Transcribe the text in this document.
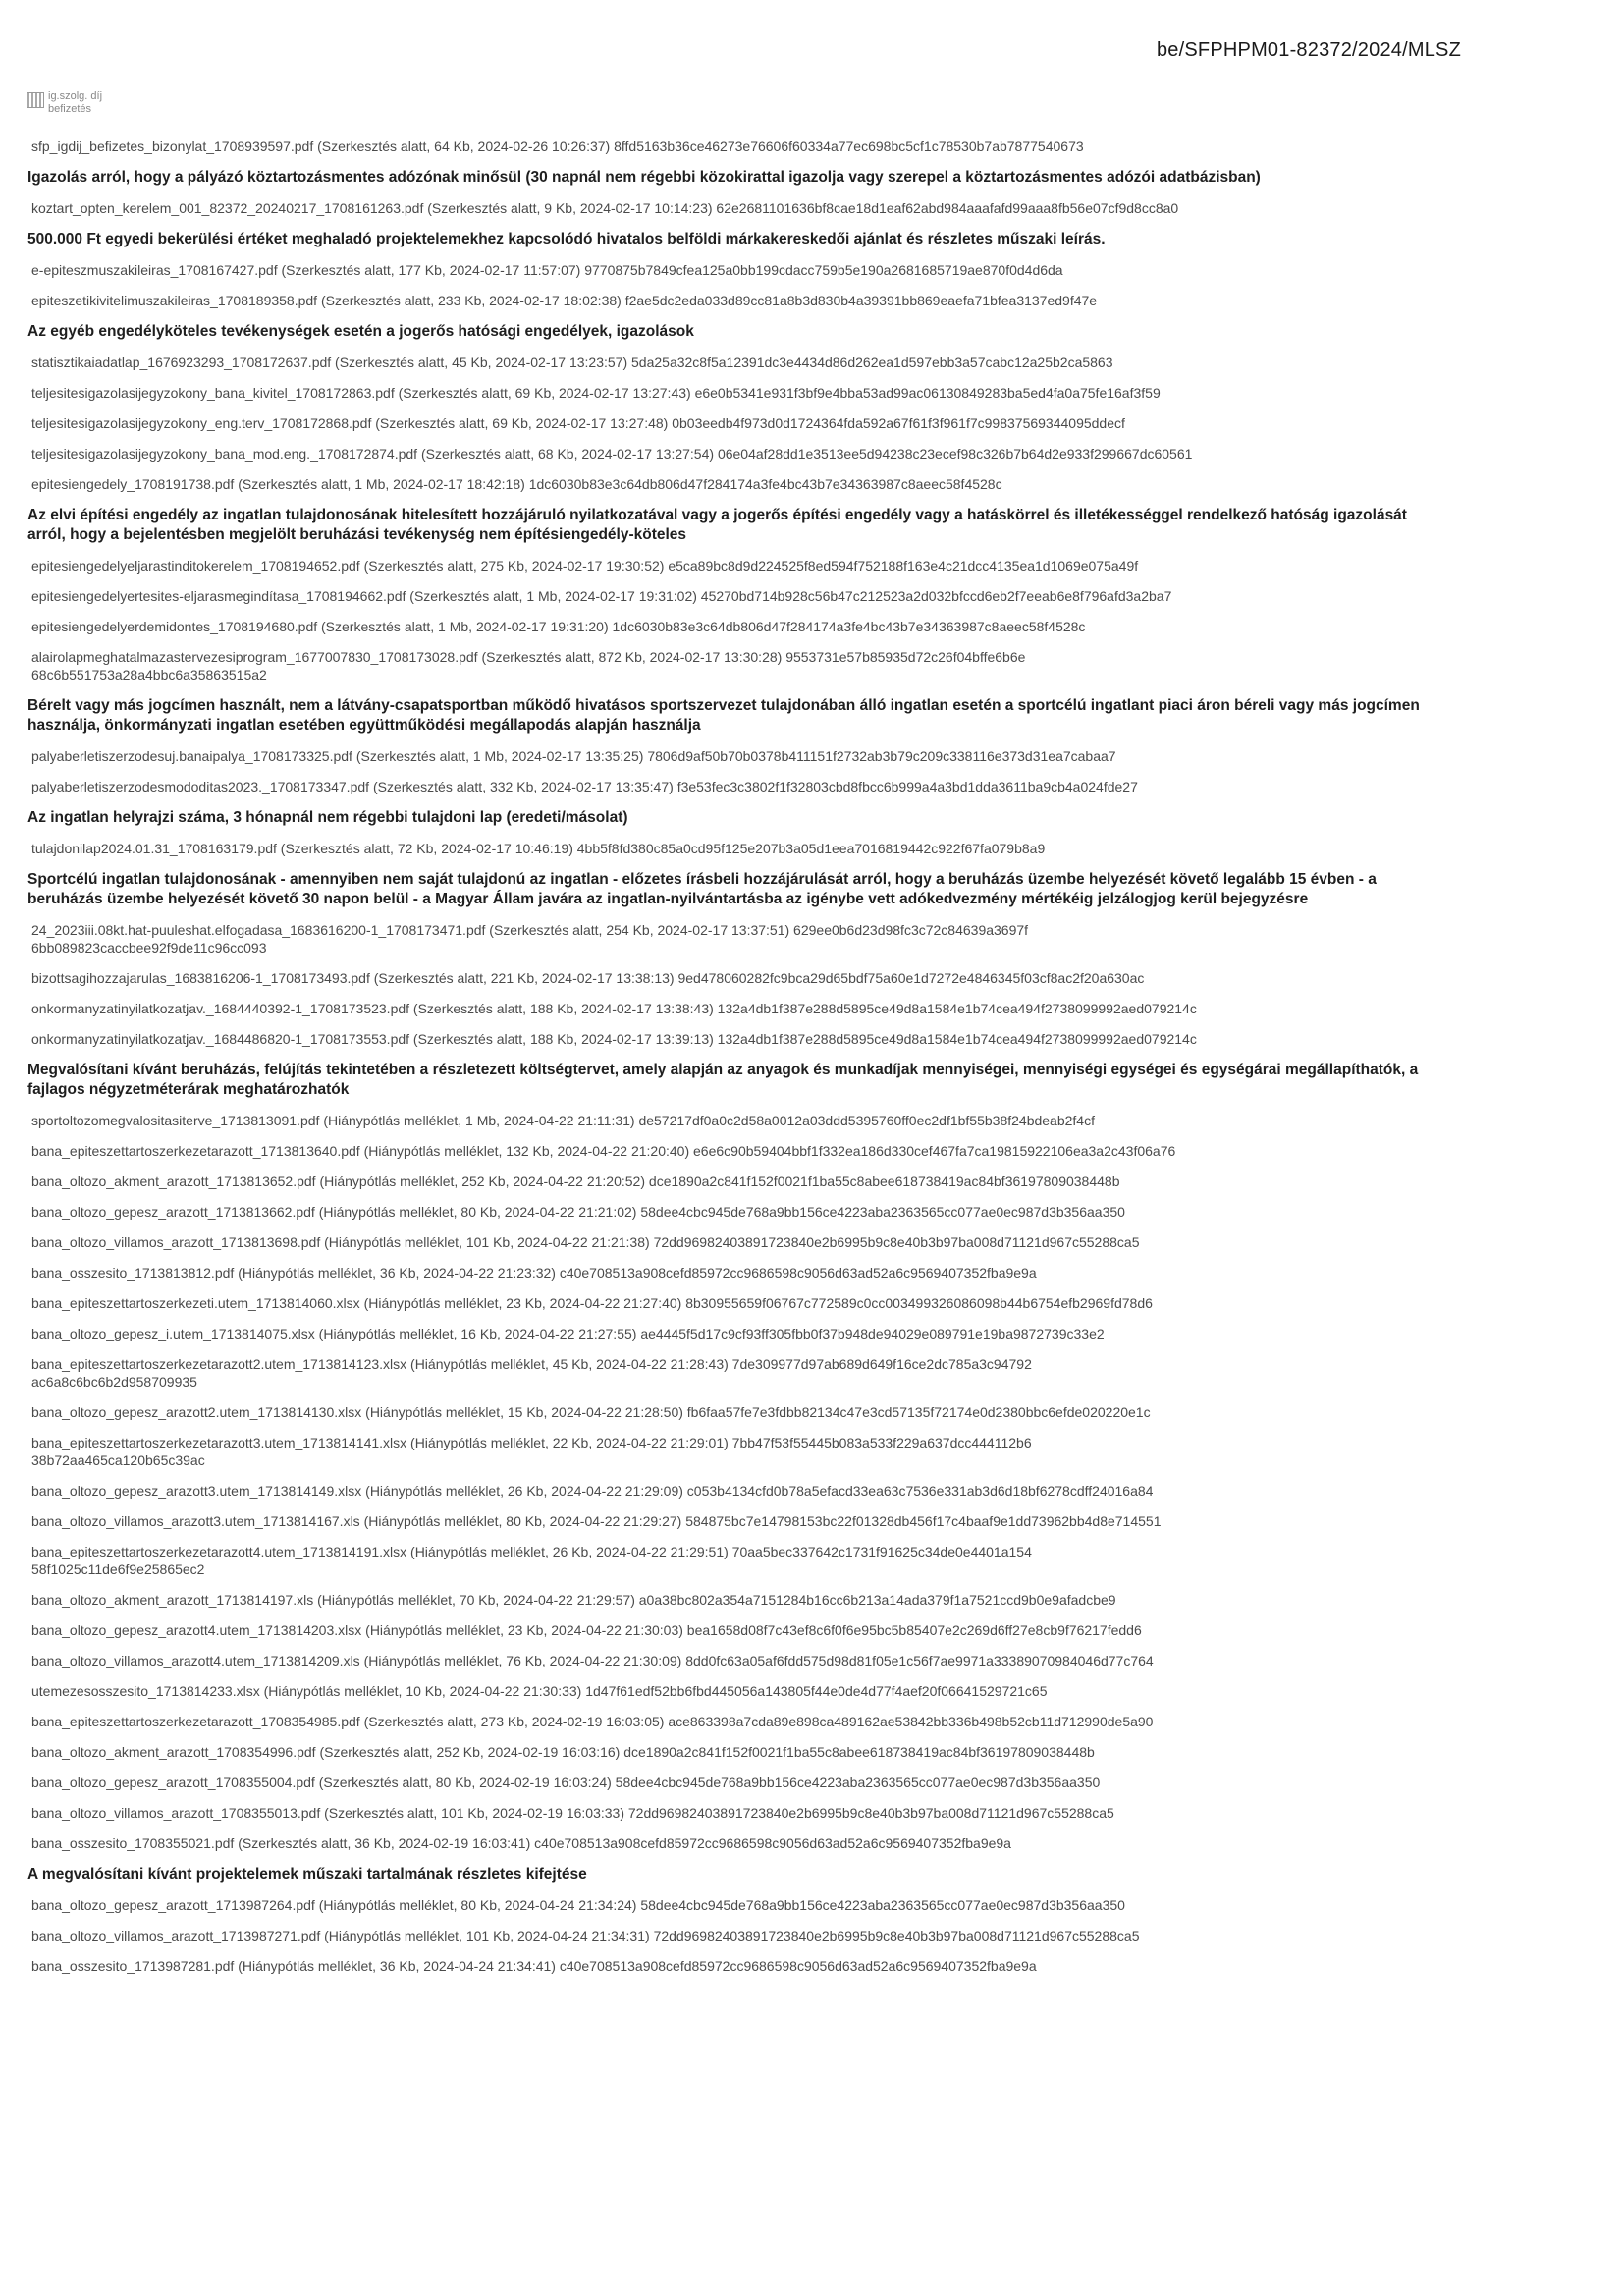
be/SFPHPM01-82372/2024/MLSZ
ig.szolg. díj befizetés
sfp_igdij_befizetes_bizonylat_1708939597.pdf (Szerkesztés alatt, 64 Kb, 2024-02-26 10:26:37) 8ffd5163b36ce46273e76606f60334a77ec698bc5cf1c78530b7ab7877540673
Igazolás arról, hogy a pályázó köztartozásmentes adózónak minősül (30 napnál nem régebbi közokirattal igazolja vagy szerepel a köztartozásmentes adózói adatbázisban)
koztart_opten_kerelem_001_82372_20240217_1708161263.pdf (Szerkesztés alatt, 9 Kb, 2024-02-17 10:14:23) 62e2681101636bf8cae18d1eaf62abd984aaafafd99aaa8fb56e07cf9d8cc8a0
500.000 Ft egyedi bekerülési értéket meghaladó projektelemekhez kapcsolódó hivatalos belföldi márkakereskedői ajánlat és részletes műszaki leírás.
e-epiteszmuszakileiras_1708167427.pdf (Szerkesztés alatt, 177 Kb, 2024-02-17 11:57:07) 9770875b7849cfea125a0bb199cdacc759b5e190a2681685719ae870f0d4d6da
epiteszetikivitelimuszakileiras_1708189358.pdf (Szerkesztés alatt, 233 Kb, 2024-02-17 18:02:38) f2ae5dc2eda033d89cc81a8b3d830b4a39391bb869eaefa71bfea3137ed9f47e
Az egyéb engedélyköteles tevékenységek esetén a jogerős hatósági engedélyek, igazolások
statisztikaiadatlap_1676923293_1708172637.pdf (Szerkesztés alatt, 45 Kb, 2024-02-17 13:23:57) 5da25a32c8f5a12391dc3e4434d86d262ea1d597ebb3a57cabc12a25b2ca5863
teljesitesigazolasijegyzokony_bana_kivitel_1708172863.pdf (Szerkesztés alatt, 69 Kb, 2024-02-17 13:27:43) e6e0b5341e931f3bf9e4bba53ad99ac06130849283ba5ed4fa0a75fe16af3f59
teljesitesigazolasijegyzokony_eng.terv_1708172868.pdf (Szerkesztés alatt, 69 Kb, 2024-02-17 13:27:48) 0b03eedb4f973d0d1724364fda592a67f61f3f961f7c99837569344095ddecf
teljesitesigazolasijegyzokony_bana_mod.eng._1708172874.pdf (Szerkesztés alatt, 68 Kb, 2024-02-17 13:27:54) 06e04af28dd1e3513ee5d94238c23ecef98c326b7b64d2e933f299667dc60561
epitesiengedely_1708191738.pdf (Szerkesztés alatt, 1 Mb, 2024-02-17 18:42:18) 1dc6030b83e3c64db806d47f284174a3fe4bc43b7e34363987c8aeec58f4528c
Az elvi építési engedély az ingatlan tulajdonosának hitelesített hozzájáruló nyilatkozatával vagy a jogerős építési engedély vagy a hatáskörrel és illetékességgel rendelkező hatóság igazolását arról, hogy a bejelentésben megjelölt beruházási tevékenység nem építésiengedély-köteles
epitesiengedelyeljarastinditokerelem_1708194652.pdf (Szerkesztés alatt, 275 Kb, 2024-02-17 19:30:52) e5ca89bc8d9d224525f8ed594f752188f163e4c21dcc4135ea1d1069e075a49f
epitesiengedelyertesites-eljarasmegindítasa_1708194662.pdf (Szerkesztés alatt, 1 Mb, 2024-02-17 19:31:02) 45270bd714b928c56b47c212523a2d032bfccd6eb2f7eeab6e8f796afd3a2ba7
epitesiengedelyerdemidontes_1708194680.pdf (Szerkesztés alatt, 1 Mb, 2024-02-17 19:31:20) 1dc6030b83e3c64db806d47f284174a3fe4bc43b7e34363987c8aeec58f4528c
alairolapmeghatalmazastervezesiprogram_1677007830_1708173028.pdf (Szerkesztés alatt, 872 Kb, 2024-02-17 13:30:28) 9553731e57b85935d72c26f04bffe6b6e68c6b551753a28a4bbc6a35863515a2
Bérelt vagy más jogcímen használt, nem a látvány-csapatsportban működő hivatásos sportszervezet tulajdonában álló ingatlan esetén a sportcélú ingatlant piaci áron béreli vagy más jogcímen használja, önkormányzati ingatlan esetében együttműködési megállapodás alapján használja
palyaberletiszerzodesuj.banaipalya_1708173325.pdf (Szerkesztés alatt, 1 Mb, 2024-02-17 13:35:25) 7806d9af50b70b0378b411151f2732ab3b79c209c338116e373d31ea7cabaa7
palyaberletiszerzodesmododitas2023._1708173347.pdf (Szerkesztés alatt, 332 Kb, 2024-02-17 13:35:47) f3e53fec3c3802f1f32803cbd8fbcc6b999a4a3bd1dda3611ba9cb4a024fde27
Az ingatlan helyrajzi száma, 3 hónapnál nem régebbi tulajdoni lap (eredeti/másolat)
tulajdonilap2024.01.31_1708163179.pdf (Szerkesztés alatt, 72 Kb, 2024-02-17 10:46:19) 4bb5f8fd380c85a0cd95f125e207b3a05d1eea7016819442c922f67fa079b8a9
Sportcélú ingatlan tulajdonosának - amennyiben nem saját tulajdonú az ingatlan - előzetes írásbeli hozzájárulását arról, hogy a beruházás üzembe helyezését követő legalább 15 évben - a beruházás üzembe helyezését követő 30 napon belül - a Magyar Állam javára az ingatlan-nyilvántartásba az igénybe vett adókedvezmény mértékéig jelzálogjog kerül bejegyzésre
24_2023iii.08kt.hat-puuleshat.elfogadasa_1683616200-1_1708173471.pdf (Szerkesztés alatt, 254 Kb, 2024-02-17 13:37:51) 629ee0b6d23d98fc3c72c84639a3697f6bb089823caccbee92f9de11c96cc093
bizottsagihozzajarulas_1683816206-1_1708173493.pdf (Szerkesztés alatt, 221 Kb, 2024-02-17 13:38:13) 9ed478060282fc9bca29d65bdf75a60e1d7272e4846345f03cf8ac2f20a630ac
onkormanyzatinyilatkozatjav._1684440392-1_1708173523.pdf (Szerkesztés alatt, 188 Kb, 2024-02-17 13:38:43) 132a4db1f387e288d5895ce49d8a1584e1b74cea494f2738099992aed079214c
onkormanyzatinyilatkozatjav._1684486820-1_1708173553.pdf (Szerkesztés alatt, 188 Kb, 2024-02-17 13:39:13) 132a4db1f387e288d5895ce49d8a1584e1b74cea494f2738099992aed079214c
Megvalósítani kívánt beruházás, felújítás tekintetében a részletezett költségtervet, amely alapján az anyagok és munkadíjak mennyiségei, mennyiségi egységei és egységárai megállapíthatók, a fajlagos négyzetméterárak meghatározhatók
sportoltozomegvalositasiterve_1713813091.pdf (Hiánypótlás melléklet, 1 Mb, 2024-04-22 21:11:31) de57217df0a0c2d58a0012a03ddd5395760ff0ec2df1bf55b38f24bdeab2f4cf
bana_epiteszettartoszerkezetarazott_1713813640.pdf (Hiánypótlás melléklet, 132 Kb, 2024-04-22 21:20:40) e6e6c90b59404bbf1f332ea186d330cef467fa7ca19815922106ea3a2c43f06a76
bana_oltozo_akment_arazott_1713813652.pdf (Hiánypótlás melléklet, 252 Kb, 2024-04-22 21:20:52) dce1890a2c841f152f0021f1ba55c8abee618738419ac84bf36197809038448b
bana_oltozo_gepesz_arazott_1713813662.pdf (Hiánypótlás melléklet, 80 Kb, 2024-04-22 21:21:02) 58dee4cbc945de768a9bb156ce4223aba2363565cc077ae0ec987d3b356aa350
bana_oltozo_villamos_arazott_1713813698.pdf (Hiánypótlás melléklet, 101 Kb, 2024-04-22 21:21:38) 72dd96982403891723840e2b6995b9c8e40b3b97ba008d71121d967c55288ca5
bana_osszesito_1713813812.pdf (Hiánypótlás melléklet, 36 Kb, 2024-04-22 21:23:32) c40e708513a908cefd85972cc9686598c9056d63ad52a6c9569407352fba9e9a
bana_epiteszettartoszerkezeti.utem_1713814060.xlsx (Hiánypótlás melléklet, 23 Kb, 2024-04-22 21:27:40) 8b30955659f06767c772589c0cc003499326086098b44b6754efb2969fd78d6
bana_oltozo_gepesz_i.utem_1713814075.xlsx (Hiánypótlás melléklet, 16 Kb, 2024-04-22 21:27:55) ae4445f5d17c9cf93ff305fbb0f37b948de94029e089791e19ba9872739c33e2
bana_epiteszettartoszerkezetarazott2.utem_1713814123.xlsx (Hiánypótlás melléklet, 45 Kb, 2024-04-22 21:28:43) 7de309977d97ab689d649f16ce2dc785a3c94792ac6a8c6bc6b2d958709935
bana_oltozo_gepesz_arazott2.utem_1713814130.xlsx (Hiánypótlás melléklet, 15 Kb, 2024-04-22 21:28:50) fb6faa57fe7e3fdbb82134c47e3cd57135f72174e0d2380bbc6efde020220e1c
bana_epiteszettartoszerkezetarazott3.utem_1713814141.xlsx (Hiánypótlás melléklet, 22 Kb, 2024-04-22 21:29:01) 7bb47f53f55445b083a533f229a637dcc444112b638b72aa465ca120b65c39ac
bana_oltozo_gepesz_arazott3.utem_1713814149.xlsx (Hiánypótlás melléklet, 26 Kb, 2024-04-22 21:29:09) c053b4134cfd0b78a5efacd33ea63c7536e331ab3d6d18bf6278cdff24016a84
bana_oltozo_villamos_arazott3.utem_1713814167.xls (Hiánypótlás melléklet, 80 Kb, 2024-04-22 21:29:27) 584875bc7e14798153bc22f01328db456f17c4baaf9e1dd73962bb4d8e714551
bana_epiteszettartoszerkezetarazott4.utem_1713814191.xlsx (Hiánypótlás melléklet, 26 Kb, 2024-04-22 21:29:51) 70aa5bec337642c1731f91625c34de0e4401a15458f1025c11de6f9e25865ec2
bana_oltozo_akment_arazott_1713814197.xls (Hiánypótlás melléklet, 70 Kb, 2024-04-22 21:29:57) a0a38bc802a354a7151284b16cc6b213a14ada379f1a7521ccd9b0e9afadcbe9
bana_oltozo_gepesz_arazott4.utem_1713814203.xlsx (Hiánypótlás melléklet, 23 Kb, 2024-04-22 21:30:03) bea1658d08f7c43ef8c6f0f6e95bc5b85407e2c269d6ff27e8cb9f76217fedd6
bana_oltozo_villamos_arazott4.utem_1713814209.xls (Hiánypótlás melléklet, 76 Kb, 2024-04-22 21:30:09) 8dd0fc63a05af6fdd575d98d81f05e1c56f7ae9971a33389070984046d77c764
utemezesosszesito_1713814233.xlsx (Hiánypótlás melléklet, 10 Kb, 2024-04-22 21:30:33) 1d47f61edf52bb6fbd445056a143805f44e0de4d77f4aef20f06641529721c65
bana_epiteszettartoszerkezetarazott_1708354985.pdf (Szerkesztés alatt, 273 Kb, 2024-02-19 16:03:05) ace863398a7cda89e898ca489162ae53842bb336b498b52cb11d712990de5a90
bana_oltozo_akment_arazott_1708354996.pdf (Szerkesztés alatt, 252 Kb, 2024-02-19 16:03:16) dce1890a2c841f152f0021f1ba55c8abee618738419ac84bf36197809038448b
bana_oltozo_gepesz_arazott_1708355004.pdf (Szerkesztés alatt, 80 Kb, 2024-02-19 16:03:24) 58dee4cbc945de768a9bb156ce4223aba2363565cc077ae0ec987d3b356aa350
bana_oltozo_villamos_arazott_1708355013.pdf (Szerkesztés alatt, 101 Kb, 2024-02-19 16:03:33) 72dd96982403891723840e2b6995b9c8e40b3b97ba008d71121d967c55288ca5
bana_osszesito_1708355021.pdf (Szerkesztés alatt, 36 Kb, 2024-02-19 16:03:41) c40e708513a908cefd85972cc9686598c9056d63ad52a6c9569407352fba9e9a
A megvalósítani kívánt projektelemek műszaki tartalmának részletes kifejtése
bana_oltozo_gepesz_arazott_1713987264.pdf (Hiánypótlás melléklet, 80 Kb, 2024-04-24 21:34:24) 58dee4cbc945de768a9bb156ce4223aba2363565cc077ae0ec987d3b356aa350
bana_oltozo_villamos_arazott_1713987271.pdf (Hiánypótlás melléklet, 101 Kb, 2024-04-24 21:34:31) 72dd96982403891723840e2b6995b9c8e40b3b97ba008d71121d967c55288ca5
bana_osszesito_1713987281.pdf (Hiánypótlás melléklet, 36 Kb, 2024-04-24 21:34:41) c40e708513a908cefd85972cc9686598c9056d63ad52a6c9569407352fba9e9a
